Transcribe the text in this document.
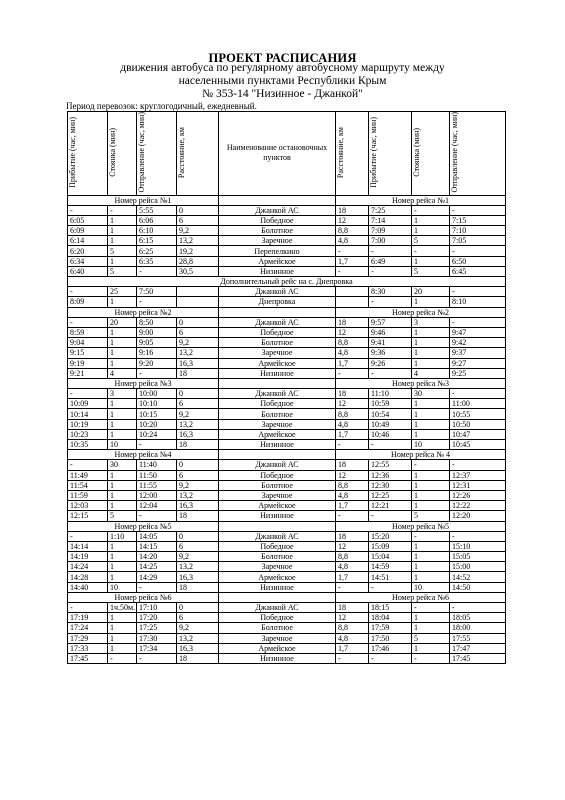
ПРОЕКТ РАСПИСАНИЯ
движения автобуса по регулярному автобусному маршруту между
населенными пунктами Республики Крым
№ 353-14 "Низинное - Джанкой"
Период перевозок: круглогодичный, ежедневный.
Прибытие (час, мин)	Стоянка (мин)	Отправление (час, мин)	Расстояние, км	Наименование остановочных пунктов	Расстояние, км	Прибытие (час, мин)	Стоянка (мин)	Отправление (час, мин)
Номер рейса №1					Номер рейса №1			
-	-	5:55	0	Джанкой АС	18	7:25	-	-
6:05	1	6:06	6	Победное	12	7:14	1	7:15
6:09	1	6:10	9,2	Болотное	8,8	7:09	1	7:10
6:14	1	6:15	13,2	Заречное	4,8	7:00	5	7:05
6:20	5	6:25	19,2	Перепелкино	-	-	-	-
6:34	1	6:35	28,8	Армейское	1,7	6:49	1	6:50
6:40	5	-	30,5	Низинное	-	-	5	6:45
Дополнительный рейс на с. Днепровка								
-	25	7:50		Джанкой АС		8:30	20	-
8:09	1	-		Днепровка		-	1	8:10
Номер рейса №2					Номер рейса №2			
-	20	8:50	0	Джанкой АС	18	9:57	3	-
8:59	1	9:00	6	Победное	12	9:46	1	9:47
9:04	1	9:05	9,2	Болотное	8,8	9:41	1	9:42
9:15	1	9:16	13,2	Заречное	4,8	9:36	1	9:37
9:19	1	9:20	16,3	Армейское	1,7	9:26	1	9:27
9:21	4	-	18	Низинное	-	-	4	9:25
Номер рейса №3					Номер рейса №3			
-	3	10:00	0	Джанкой АС	18	11:10	30	-
10:09	1	10:10	6	Победное	12	10:59	1	11:00
10:14	1	10:15	9,2	Болотное	8,8	10:54	1	10:55
10:19	1	10:20	13,2	Заречное	4,8	10:49	1	10:50
10:23	1	10:24	16,3	Армейское	1,7	10:46	1	10:47
10:35	10	-	18	Низинное	-	-	10	10:45
Номер рейса №4					Номер рейса № 4			
-	30	11:40	0	Джанкой АС	18	12:55	-	-
11:49	1	11:50	6	Победное	12	12:36	1	12:37
11:54	1	11:55	9,2	Болотное	8,8	12:30	1	12:31
11:59	1	12:00	13,2	Заречное	4,8	12:25	1	12:26
12:03	1	12:04	16,3	Армейское	1,7	12:21	1	12:22
12:15	5	-	18	Низинное	-	-	5	12:20
Номер рейса №5					Номер рейса №5			
-	1:10	14:05	0	Джанкой АС	18	15:20	-	-
14:14	1	14:15	6	Победное	12	15:09	1	15:10
14:19	1	14:20	9,2	Болотное	8,8	15:04	1	15:05
14:24	1	14:25	13,2	Заречное	4,8	14:59	1	15:00
14:28	1	14:29	16,3	Армейское	1,7	14:51	1	14:52
14:40	10	-	18	Низинное	-	-	10	14:50
Номер рейса №6					Номер рейса №6			
-	1ч.50м.	17:10	0	Джанкой АС	18	18:15	-	-
17:19	1	17:20	6	Победное	12	18:04	1	18:05
17:24	1	17:25	9,2	Болотное	8,8	17:59	1	18:00
17:29	1	17:30	13,2	Заречное	4,8	17:50	5	17:55
17:33	1	17:34	16,3	Армейское	1,7	17:46	1	17:47
17:45	-	-	18	Низинное	-	-	-	17:45
